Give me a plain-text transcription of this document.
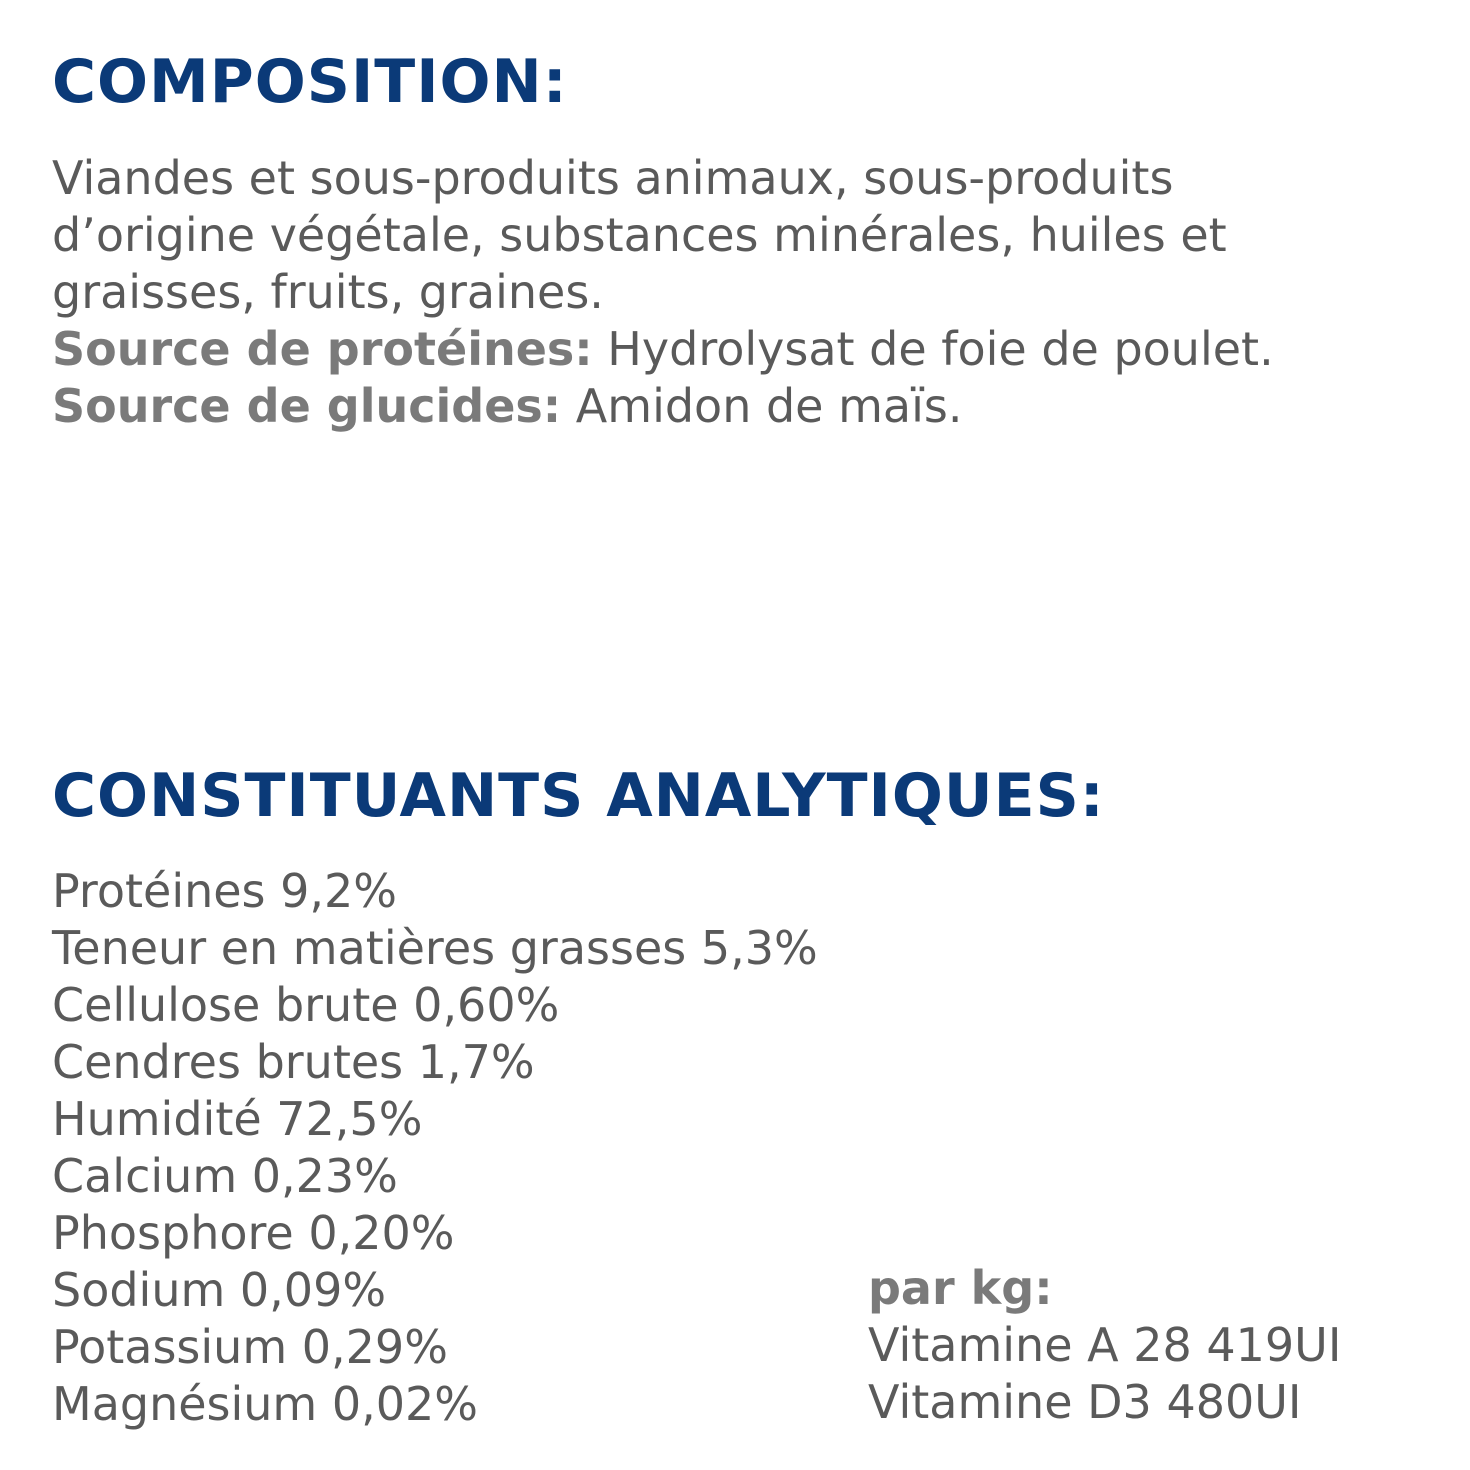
COMPOSITION:
Viandes et sous-produits animaux, sous-produits
d’origine végétale, substances minérales, huiles et
graisses, fruits, graines.
Source de protéines: Hydrolysat de foie de poulet.
Source de glucides: Amidon de maïs.
CONSTITUANTS ANALYTIQUES:
Protéines 9,2%
Teneur en matières grasses 5,3%
Cellulose brute 0,60%
Cendres brutes 1,7%
Humidité 72,5%
Calcium 0,23%
Phosphore 0,20%
Sodium 0,09%
Potassium 0,29%
Magnésium 0,02%
par kg:
Vitamine A 28 419UI
Vitamine D3 480UI
